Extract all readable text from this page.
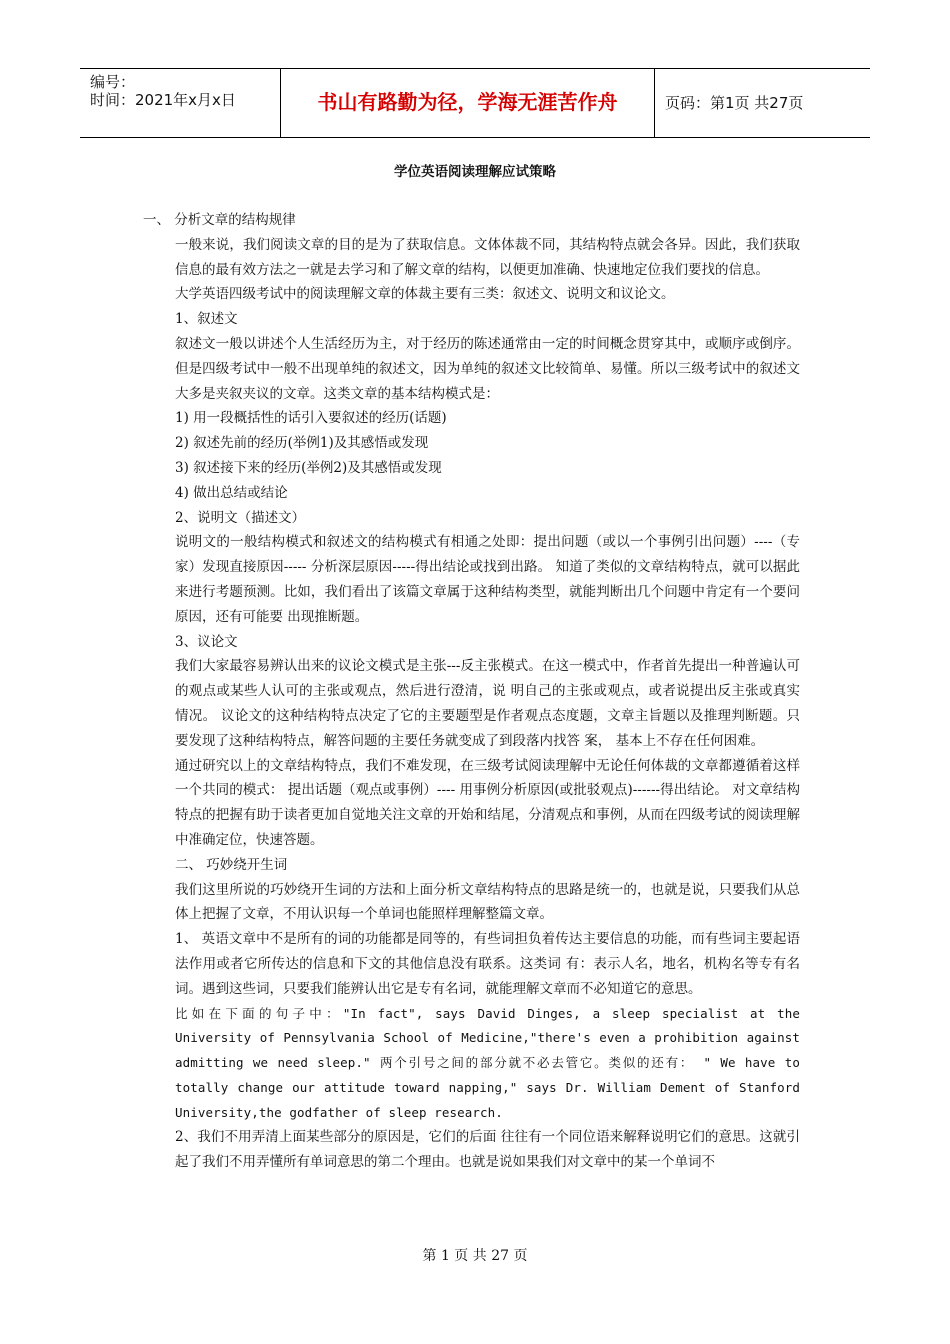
编号：
时间：2021年x月x日	书山有路勤为径，学海无涯苦作舟	页码：第1页 共27页
学位英语阅读理解应试策略

一、 分析文章的结构规律

一般来说，我们阅读文章的目的是为了获取信息。文体体裁不同，其结构特点就会各异。因此，我们获取信息的最有效方法之一就是去学习和了解文章的结构，以便更加准确、快速地定位我们要找的信息。

大学英语四级考试中的阅读理解文章的体裁主要有三类：叙述文、说明文和议论文。

1、叙述文

叙述文一般以讲述个人生活经历为主，对于经历的陈述通常由一定的时间概念贯穿其中，或顺序或倒序。但是四级考试中一般不出现单纯的叙述文，因为单纯的叙述文比较简单、易懂。所以三级考试中的叙述文大多是夹叙夹议的文章。这类文章的基本结构模式是：

1) 用一段概括性的话引入要叙述的经历(话题)

2) 叙述先前的经历(举例1)及其感悟或发现

3) 叙述接下来的经历(举例2)及其感悟或发现

4) 做出总结或结论

2、说明文（描述文）

说明文的一般结构模式和叙述文的结构模式有相通之处即：提出问题（或以一个事例引出问题）----（专家）发现直接原因----- 分析深层原因-----得出结论或找到出路。 知道了类似的文章结构特点，就可以据此来进行考题预测。比如，我们看出了该篇文章属于这种结构类型，就能判断出几个问题中肯定有一个要问原因，还有可能要 出现推断题。

3、议论文

我们大家最容易辨认出来的议论文模式是主张---反主张模式。在这一模式中，作者首先提出一种普遍认可的观点或某些人认可的主张或观点，然后进行澄清，说 明自己的主张或观点，或者说提出反主张或真实情况。 议论文的这种结构特点决定了它的主要题型是作者观点态度题，文章主旨题以及推理判断题。只要发现了这种结构特点，解答问题的主要任务就变成了到段落内找答 案， 基本上不存在任何困难。

通过研究以上的文章结构特点，我们不难发现，在三级考试阅读理解中无论任何体裁的文章都遵循着这样一个共同的模式： 提出话题（观点或事例）---- 用事例分析原因(或批驳观点)------得出结论。 对文章结构特点的把握有助于读者更加自觉地关注文章的开始和结尾，分清观点和事例，从而在四级考试的阅读理解中准确定位，快速答题。

二、 巧妙绕开生词

我们这里所说的巧妙绕开生词的方法和上面分析文章结构特点的思路是统一的，也就是说，只要我们从总体上把握了文章，不用认识每一个单词也能照样理解整篇文章。

1、 英语文章中不是所有的词的功能都是同等的，有些词担负着传达主要信息的功能，而有些词主要起语法作用或者它所传达的信息和下文的其他信息没有联系。这类词 有：表示人名，地名，机构名等专有名词。遇到这些词，只要我们能辨认出它是专有名词，就能理解文章而不必知道它的意思。

比如在下面的句子中："In fact", says David Dinges, a sleep specialist at the University of Pennsylvania School of Medicine,"there's even a prohibition against admitting we need sleep." 两个引号之间的部分就不必去管它。类似的还有： " We have to totally change our attitude toward napping," says Dr. William Dement of Stanford University,the godfather of sleep research.

2、我们不用弄清上面某些部分的原因是，它们的后面 往往有一个同位语来解释说明它们的意思。这就引起了我们不用弄懂所有单词意思的第二个理由。也就是说如果我们对文章中的某一个单词不

第 1 页 共 27 页
